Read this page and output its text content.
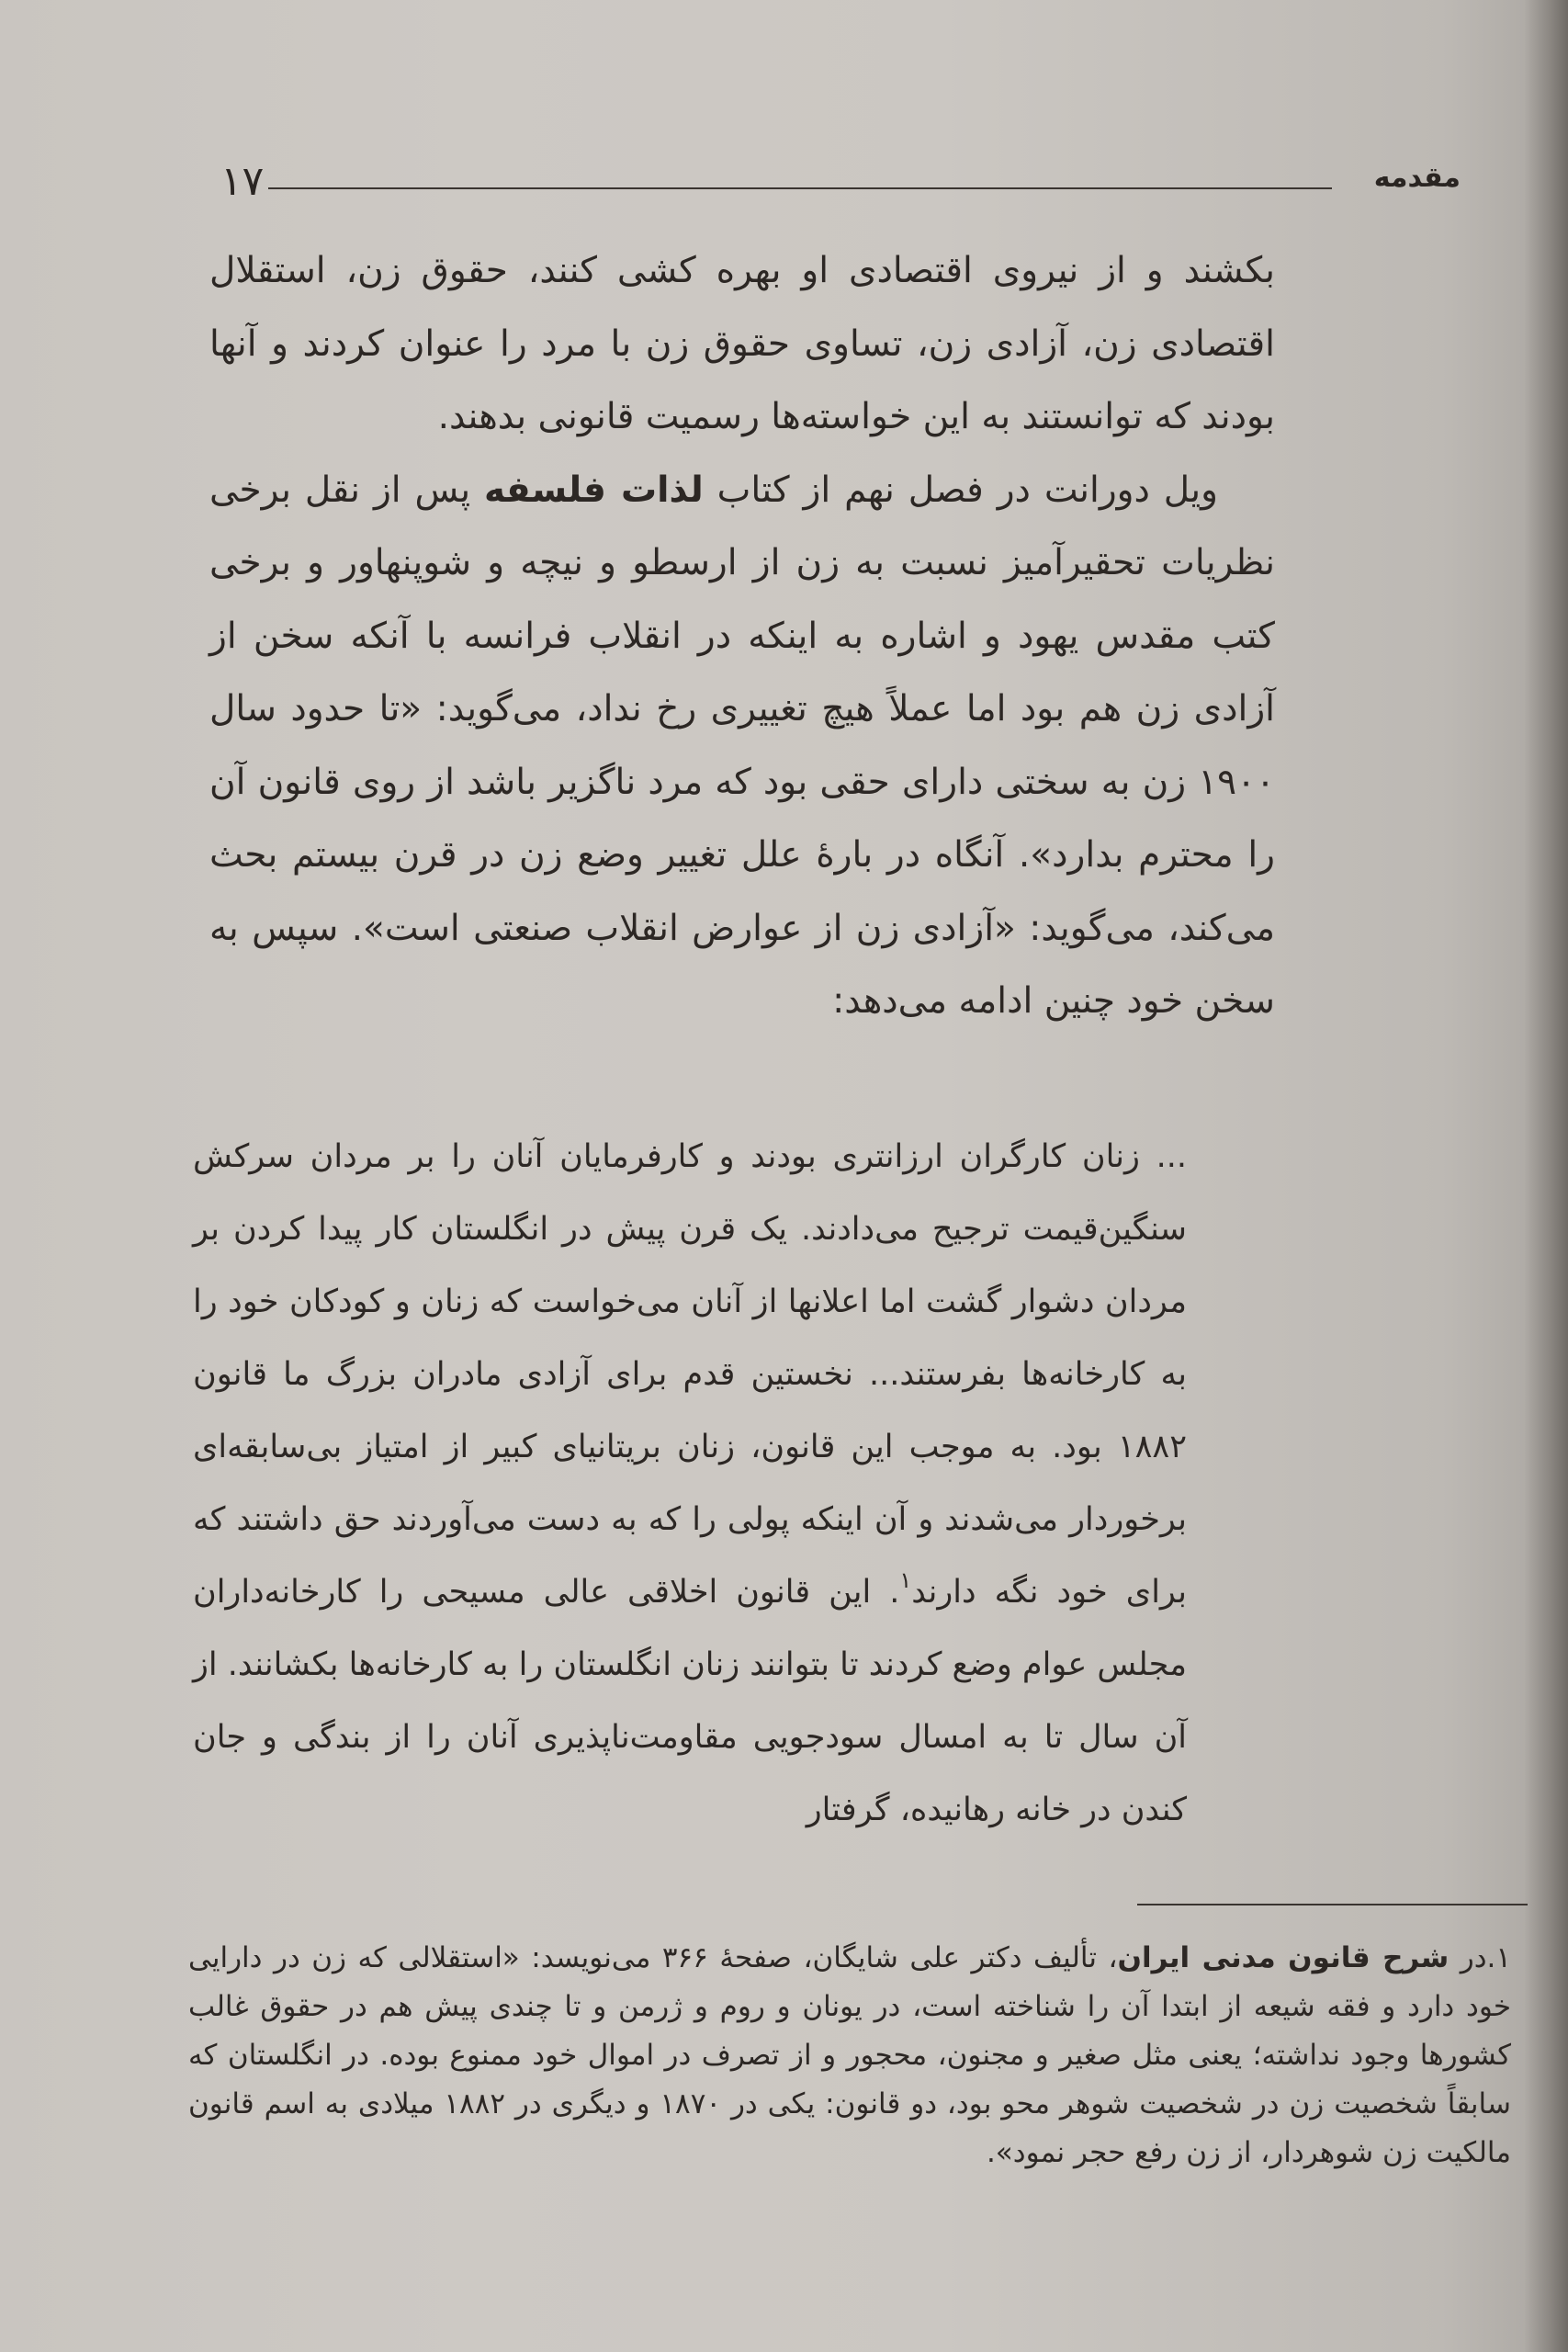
۱۷	مقدمه

بکشند و از نیروی اقتصادی او بهره کشی کنند، حقوق زن، استقلال اقتصادی زن، آزادی زن، تساوی حقوق زن با مرد را عنوان کردند و آنها بودند که توانستند به این خواسته‌ها رسمیت قانونی بدهند.

ویل دورانت در فصل نهم از کتاب لذات فلسفه پس از نقل برخی نظریات تحقیرآمیز نسبت به زن از ارسطو و نیچه و شوپنهاور و برخی کتب مقدس یهود و اشاره به اینکه در انقلاب فرانسه با آنکه سخن از آزادی زن هم بود اما عملاً هیچ تغییری رخ نداد، می‌گوید: «تا حدود سال ۱۹۰۰ زن به سختی دارای حقی بود که مرد ناگزیر باشد از روی قانون آن را محترم بدارد». آنگاه در بارهٔ علل تغییر وضع زن در قرن بیستم بحث می‌کند، می‌گوید: «آزادی زن از عوارض انقلاب صنعتی است». سپس به سخن خود چنین ادامه می‌دهد:

... زنان کارگران ارزانتری بودند و کارفرمایان آنان را بر مردان سرکش سنگین‌قیمت ترجیح می‌دادند. یک قرن پیش در انگلستان کار پیدا کردن بر مردان دشوار گشت اما اعلانها از آنان می‌خواست که زنان و کودکان خود را به کارخانه‌ها بفرستند... نخستین قدم برای آزادی مادران بزرگ ما قانون ۱۸۸۲ بود. به موجب این قانون، زنان بریتانیای کبیر از امتیاز بی‌سابقه‌ای برخوردار می‌شدند و آن اینکه پولی را که به دست می‌آوردند حق داشتند که برای خود نگه دارند$^۱$. این قانون اخلاقی عالی مسیحی را کارخانه‌داران مجلس عوام وضع کردند تا بتوانند زنان انگلستان را به کارخانه‌ها بکشانند. از آن سال تا به امسال سودجویی مقاومت‌ناپذیری آنان را از بندگی و جان کندن در خانه رهانیده، گرفتار

۱.در شرح قانون مدنی ایران، تألیف دکتر علی شایگان، صفحهٔ ۳۶۶ می‌نویسد: «استقلالی که زن در دارایی خود دارد و فقه شیعه از ابتدا آن را شناخته است، در یونان و روم و ژرمن و تا چندی پیش هم در حقوق غالب کشورها وجود نداشته؛ یعنی مثل صغیر و مجنون، محجور و از تصرف در اموال خود ممنوع بوده. در انگلستان که سابقاً شخصیت زن در شخصیت شوهر محو بود، دو قانون: یکی در ۱۸۷۰ و دیگری در ۱۸۸۲ میلادی به اسم قانون مالکیت زن شوهردار، از زن رفع حجر نمود».
